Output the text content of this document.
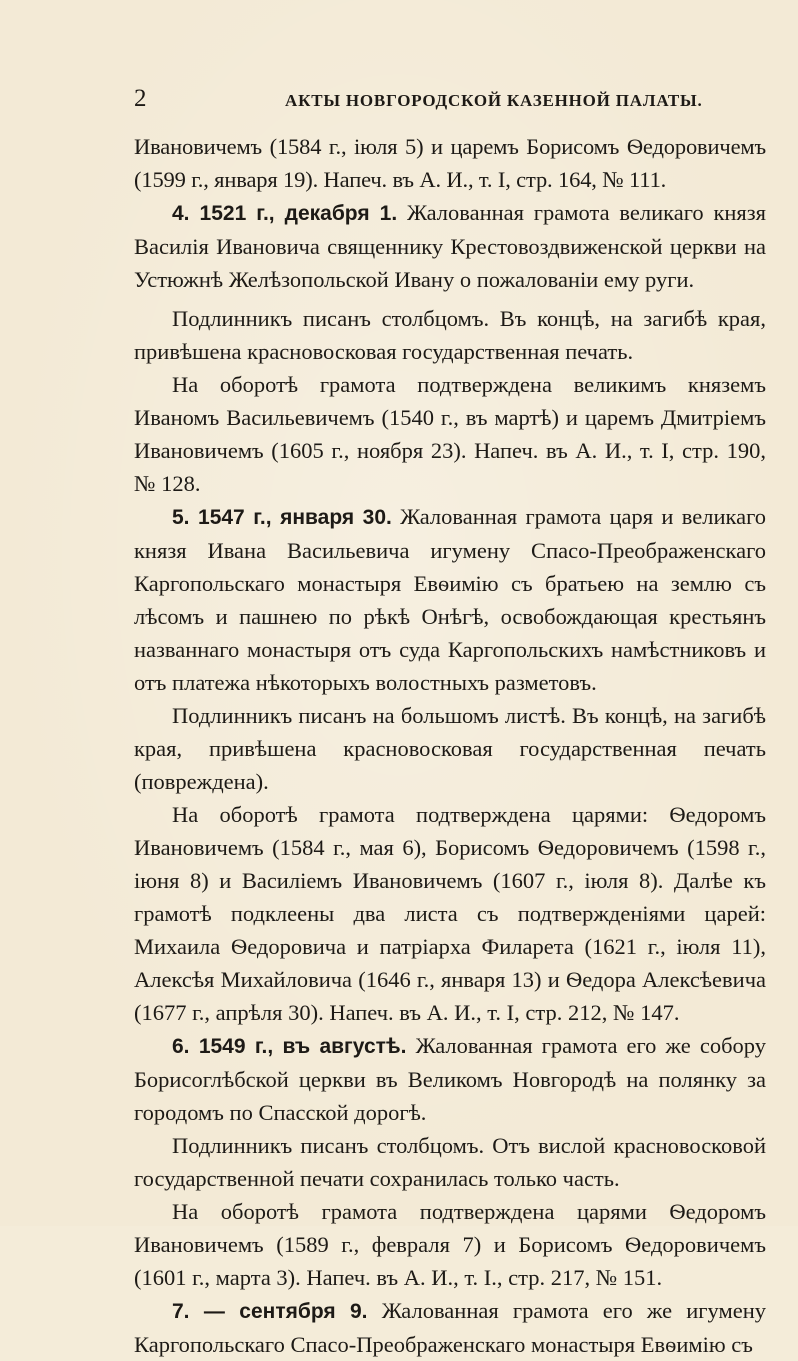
2	АКТЫ НОВГОРОДСКОЙ КАЗЕННОЙ ПАЛАТЫ.

Ивановичемъ (1584 г., іюля 5) и царемъ Борисомъ Ѳедоровичемъ (1599 г., января 19). Напеч. въ А. И., т. I, стр. 164, № 111.

4. 1521 г., декабря 1. Жалованная грамота великаго князя Василія Ивановича священнику Крестовоздвиженской церкви на Устюжнѣ Желѣзопольской Ивану о пожалованіи ему руги.

Подлинникъ писанъ столбцомъ. Въ концѣ, на загибѣ края, привѣшена красновосковая государственная печать.

На оборотѣ грамота подтверждена великимъ княземъ Иваномъ Васильевичемъ (1540 г., въ мартѣ) и царемъ Дмитріемъ Ивановичемъ (1605 г., ноября 23). Напеч. въ А. И., т. I, стр. 190, № 128.

5. 1547 г., января 30. Жалованная грамота царя и великаго князя Ивана Васильевича игумену Спасо-Преображенскаго Каргопольскаго монастыря Евѳимію съ братьею на землю съ лѣсомъ и пашнею по рѣкѣ Онѣгѣ, освобождающая крестьянъ названнаго монастыря отъ суда Каргопольскихъ намѣстниковъ и отъ платежа нѣкоторыхъ волостныхъ разметовъ.

Подлинникъ писанъ на большомъ листѣ. Въ концѣ, на загибѣ края, привѣшена красновосковая государственная печать (повреждена).

На оборотѣ грамота подтверждена царями: Ѳедоромъ Ивановичемъ (1584 г., мая 6), Борисомъ Ѳедоровичемъ (1598 г., іюня 8) и Василіемъ Ивановичемъ (1607 г., іюля 8). Далѣе къ грамотѣ подклеены два листа съ подтвержденіями царей: Михаила Ѳедоровича и патріарха Филарета (1621 г., іюля 11), Алексѣя Михайловича (1646 г., января 13) и Ѳедора Алексѣевича (1677 г., апрѣля 30). Напеч. въ А. И., т. I, стр. 212, № 147.

6. 1549 г., въ августѣ. Жалованная грамота его же собору Борисоглѣбской церкви въ Великомъ Новгородѣ на полянку за городомъ по Спасской дорогѣ.

Подлинникъ писанъ столбцомъ. Отъ вислой красновосковой государственной печати сохранилась только часть.

На оборотѣ грамота подтверждена царями Ѳедоромъ Ивановичемъ (1589 г., февраля 7) и Борисомъ Ѳедоровичемъ (1601 г., марта 3). Напеч. въ А. И., т. I., стр. 217, № 151.

7. — сентября 9. Жалованная грамота его же игумену Каргопольскаго Спасо-Преображенскаго монастыря Евѳимію съ
